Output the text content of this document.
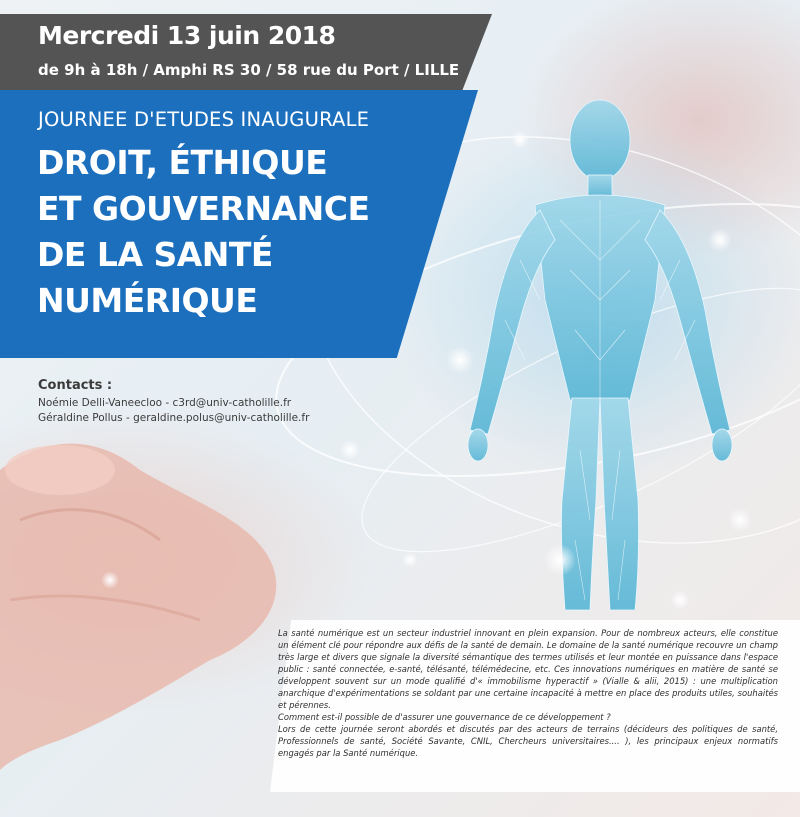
Mercredi 13 juin 2018

de 9h à 18h / Amphi RS 30 / 58 rue du Port / LILLE

JOURNEE D'ETUDES INAUGURALE

DROIT, ÉTHIQUE
ET GOUVERNANCE
DE LA SANTÉ
NUMÉRIQUE

Contacts :

Noémie Delli-Vaneecloo - c3rd@univ-catholille.fr

Géraldine Pollus - geraldine.polus@univ-catholille.fr

La santé numérique est un secteur industriel innovant en plein expansion. Pour de nombreux acteurs, elle constitue un élément clé pour répondre aux défis de la santé de demain. Le domaine de la santé numérique recouvre un champ très large et divers que signale la diversité sémantique des termes utilisés et leur montée en puissance dans l'espace public : santé connectée, e-santé, télésanté, télémédecine, etc. Ces innovations numériques en matière de santé se développent souvent sur un mode qualifié d'« immobilisme hyperactif » (Vialle & alii, 2015) : une multiplication anarchique d'expérimentations se soldant par une certaine incapacité à mettre en place des produits utiles, souhaités et pérennes.
Comment est-il possible de d'assurer une gouvernance de ce développement ?
Lors de cette journée seront abordés et discutés par des acteurs de terrains (décideurs des politiques de santé, Professionnels de santé, Société Savante, CNIL, Chercheurs universitaires.... ), les principaux enjeux normatifs engagés par la Santé numérique.
